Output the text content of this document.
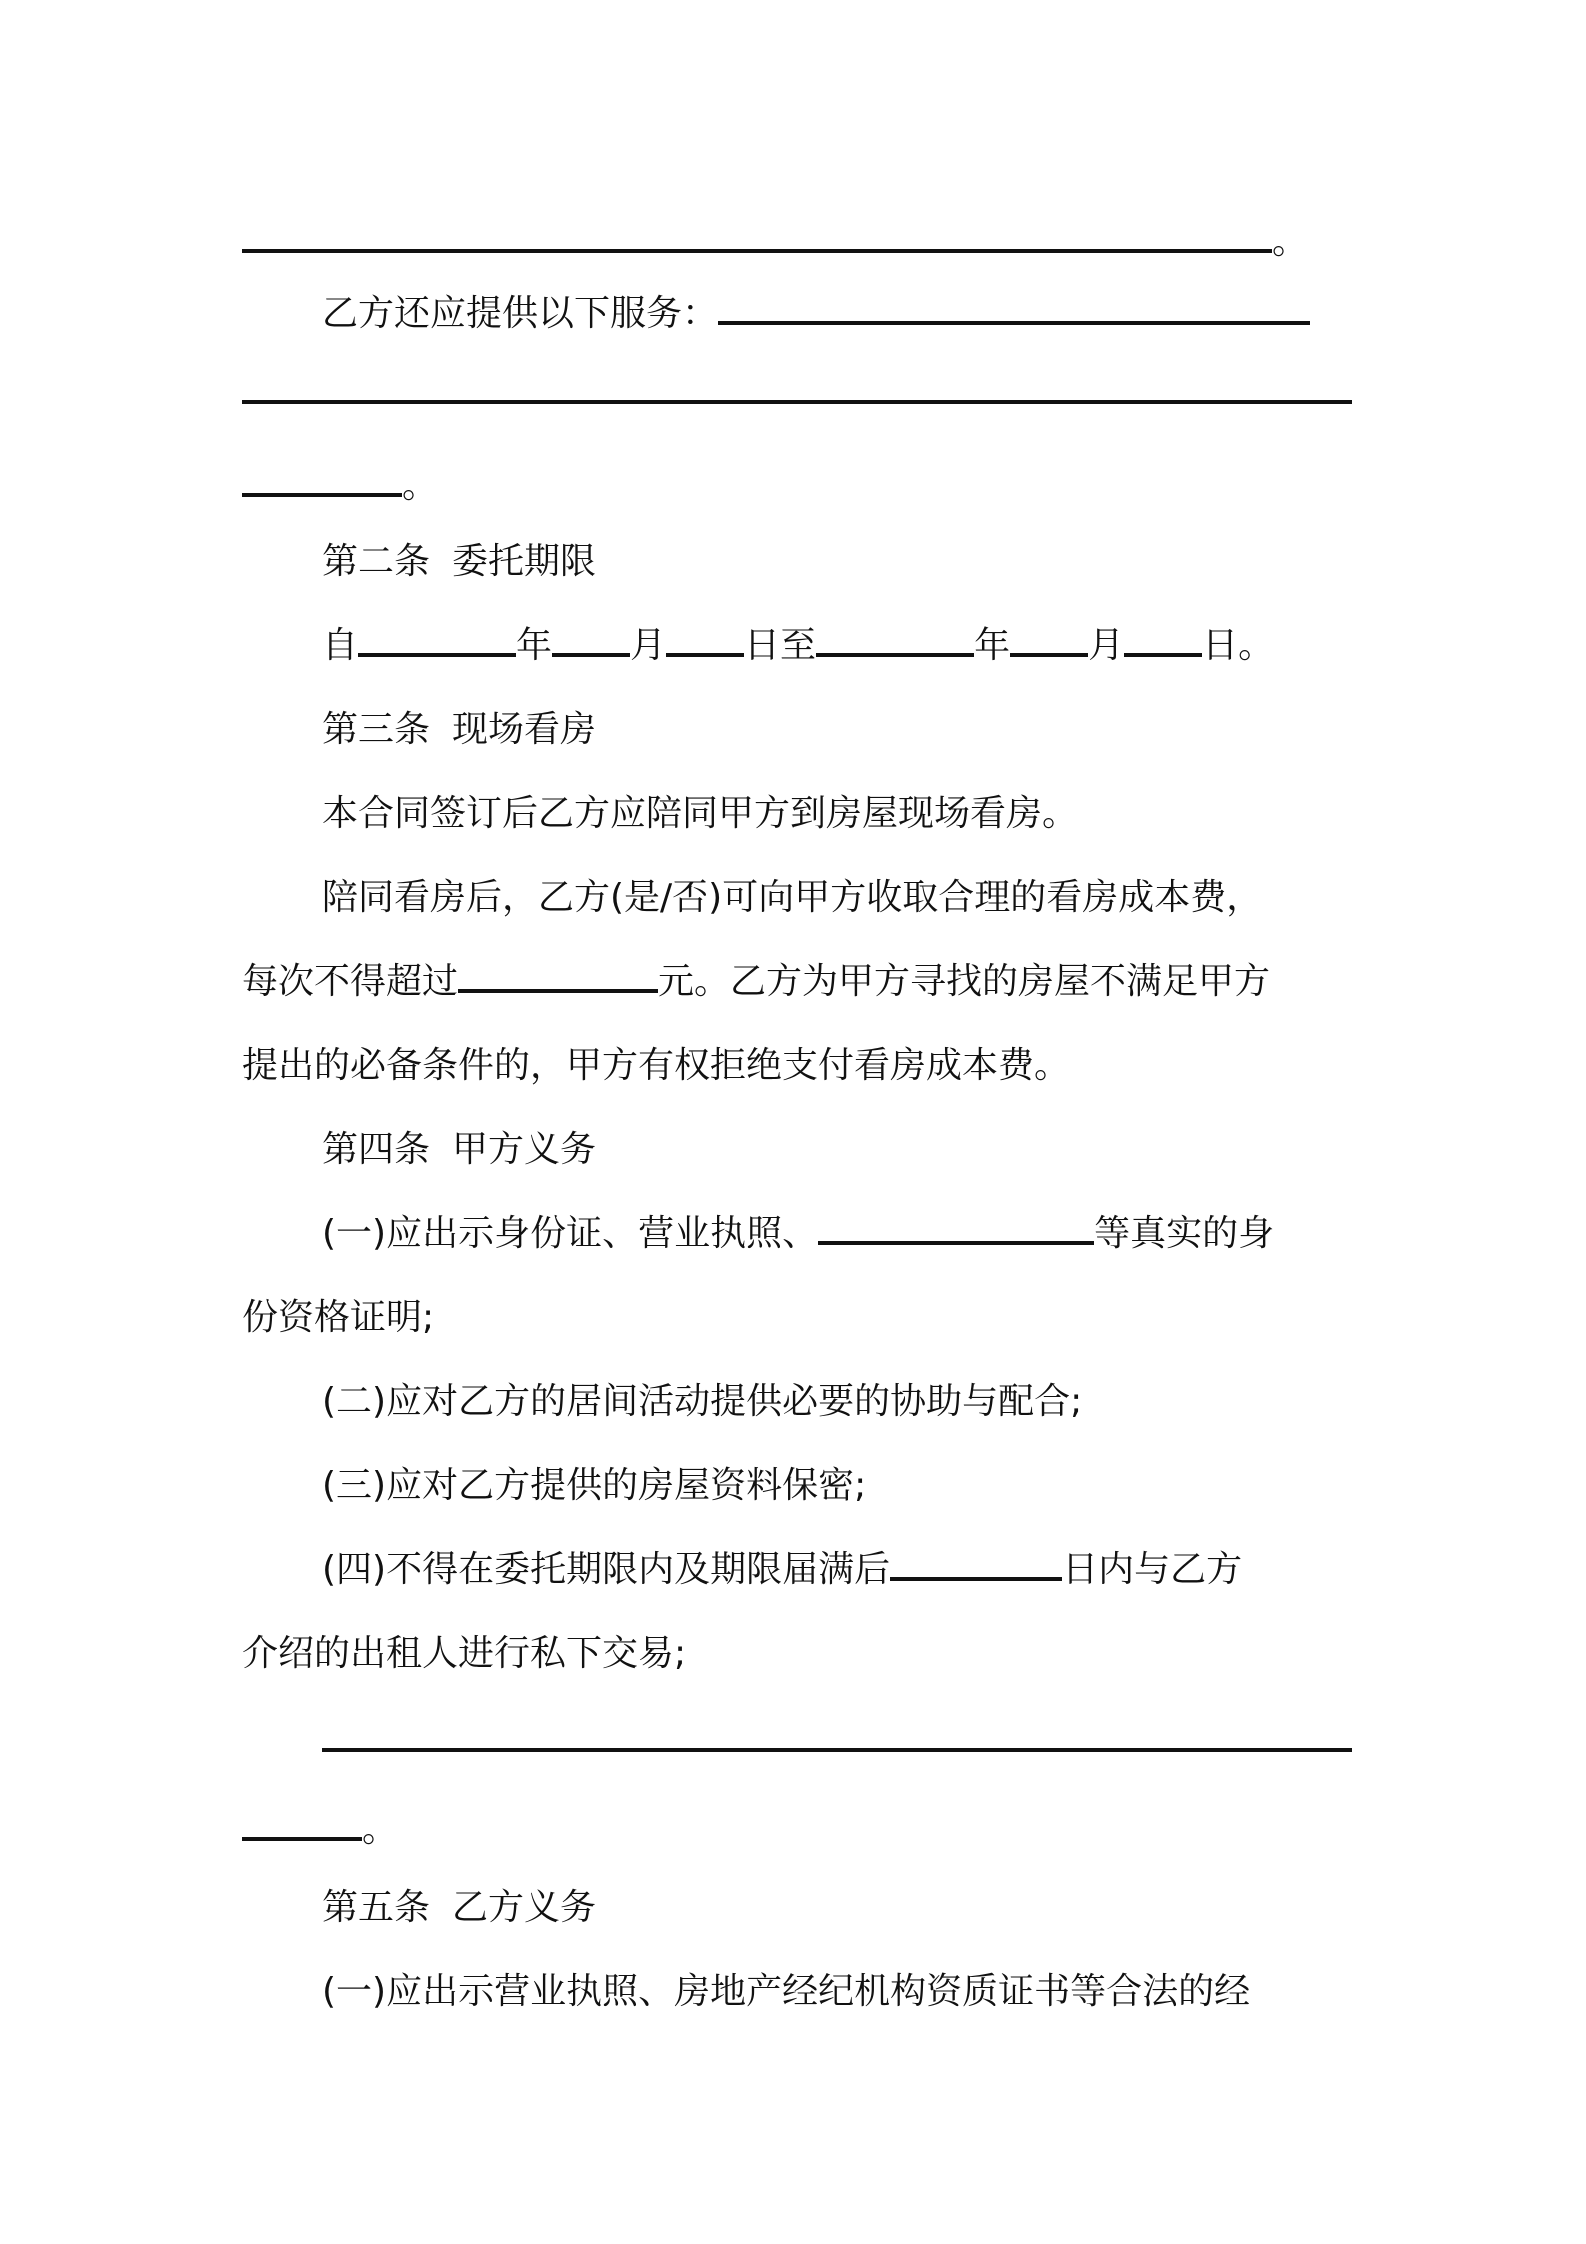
。
乙方还应提供以下服务：
。
第二条 委托期限
自	年 月 日至	年 月 日。
第三条 现场看房
本合同签订后乙方应陪同甲方到房屋现场看房。
陪同看房后，乙方(是/否)可向甲方收取合理的看房成本费，
每次不得超过	元。乙方为甲方寻找的房屋不满足甲方
提出的必备条件的，甲方有权拒绝支付看房成本费。
第四条 甲方义务
(一)应出示身份证、营业执照、	等真实的身
份资格证明;
(二)应对乙方的居间活动提供必要的协助与配合;
(三)应对乙方提供的房屋资料保密;
(四)不得在委托期限内及期限届满后	日内与乙方
介绍的出租人进行私下交易;
。
第五条 乙方义务
(一)应出示营业执照、房地产经纪机构资质证书等合法的经
